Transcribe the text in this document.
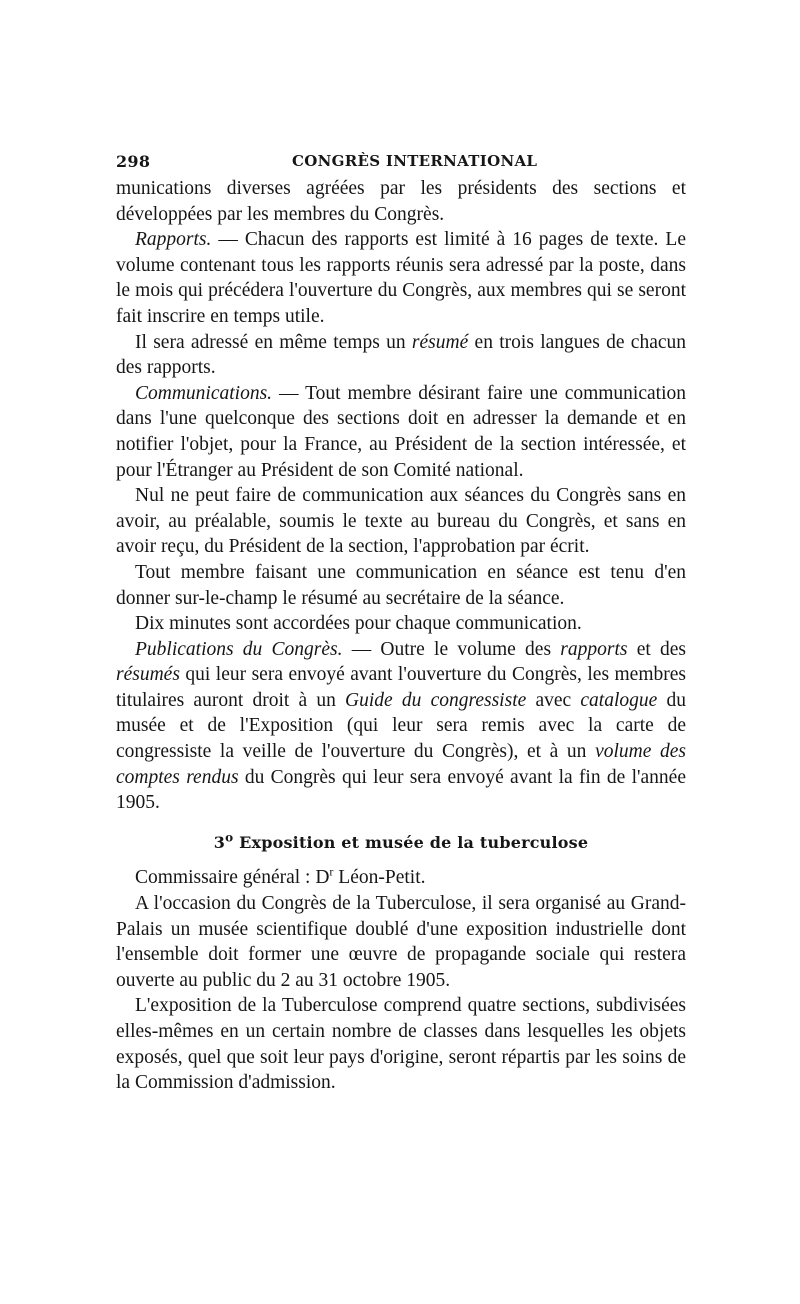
298	CONGRÈS INTERNATIONAL

munications diverses agréées par les présidents des sections et développées par les membres du Congrès.

Rapports. — Chacun des rapports est limité à 16 pages de texte. Le volume contenant tous les rapports réunis sera adressé par la poste, dans le mois qui précédera l'ouverture du Congrès, aux membres qui se seront fait inscrire en temps utile.

Il sera adressé en même temps un résumé en trois langues de chacun des rapports.

Communications. — Tout membre désirant faire une communication dans l'une quelconque des sections doit en adresser la demande et en notifier l'objet, pour la France, au Président de la section intéressée, et pour l'Étranger au Président de son Comité national.

Nul ne peut faire de communication aux séances du Congrès sans en avoir, au préalable, soumis le texte au bureau du Congrès, et sans en avoir reçu, du Président de la section, l'approbation par écrit.

Tout membre faisant une communication en séance est tenu d'en donner sur-le-champ le résumé au secrétaire de la séance.

Dix minutes sont accordées pour chaque communication.

Publications du Congrès. — Outre le volume des rapports et des résumés qui leur sera envoyé avant l'ouverture du Congrès, les membres titulaires auront droit à un Guide du congressiste avec catalogue du musée et de l'Exposition (qui leur sera remis avec la carte de congressiste la veille de l'ouverture du Congrès), et à un volume des comptes rendus du Congrès qui leur sera envoyé avant la fin de l'année 1905.

3$^o$ Exposition et musée de la tuberculose

Commissaire général : $D^r$ Léon-Petit.

A l'occasion du Congrès de la Tuberculose, il sera organisé au Grand-Palais un musée scientifique doublé d'une exposition industrielle dont l'ensemble doit former une œuvre de propagande sociale qui restera ouverte au public du 2 au 31 octobre 1905.

L'exposition de la Tuberculose comprend quatre sections, subdivisées elles-mêmes en un certain nombre de classes dans lesquelles les objets exposés, quel que soit leur pays d'origine, seront répartis par les soins de la Commission d'admission.
